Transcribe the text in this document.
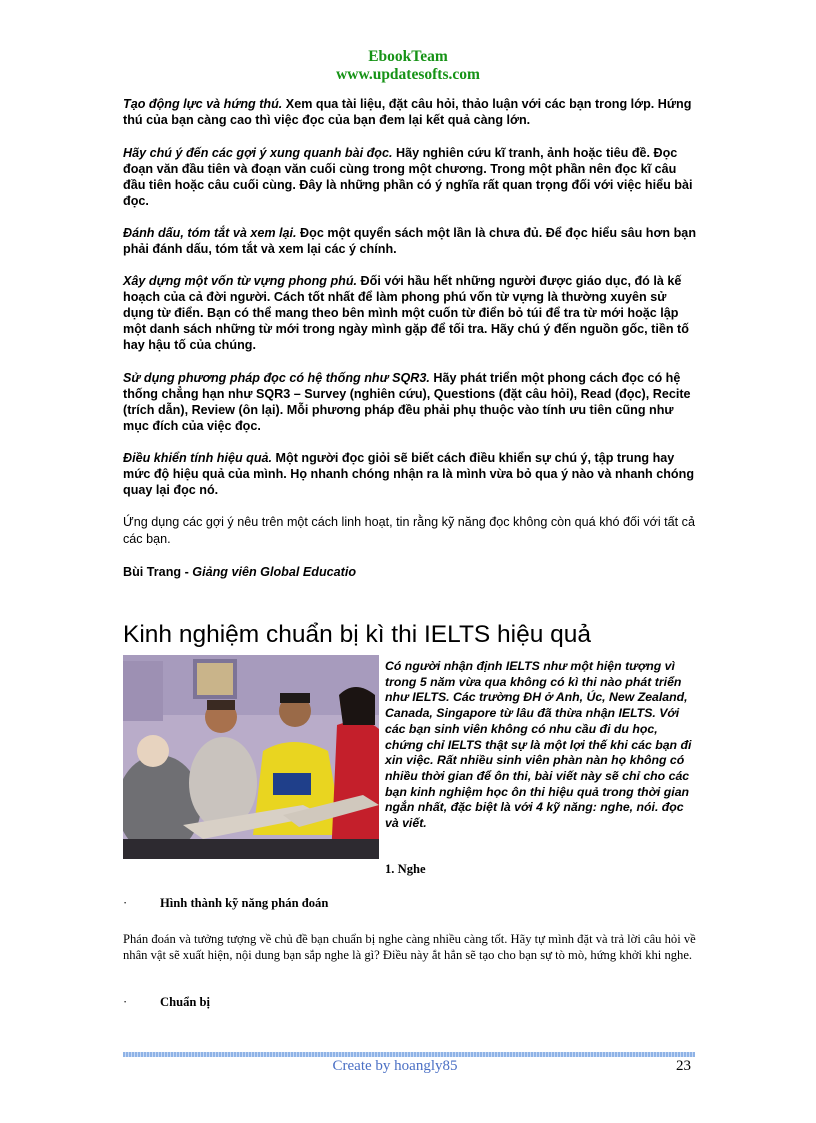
EbookTeam
www.updatesofts.com

Tạo động lực và hứng thú. Xem qua tài liệu, đặt câu hỏi, thảo luận với các bạn trong lớp. Hứng thú của bạn càng cao thì việc đọc của bạn đem lại kết quả càng lớn.

Hãy chú ý đến các gợi ý xung quanh bài đọc. Hãy nghiên cứu kĩ tranh, ảnh hoặc tiêu đề. Đọc đoạn văn đầu tiên và đoạn văn cuối cùng trong một chương. Trong một phần nên đọc kĩ câu đầu tiên hoặc câu cuối cùng. Đây là những phần có ý nghĩa rất quan trọng đối với việc hiểu bài đọc.

Đánh dấu, tóm tắt và xem lại. Đọc một quyển sách một lần là chưa đủ. Để đọc hiểu sâu hơn bạn phải đánh dấu, tóm tắt và xem lại các ý chính.

Xây dựng một vốn từ vựng phong phú. Đối với hầu hết những người được giáo dục, đó là kế hoạch của cả đời người. Cách tốt nhất để làm phong phú vốn từ vựng là thường xuyên sử dụng từ điển. Bạn có thể mang theo bên mình một cuốn từ điển bỏ túi để tra từ mới hoặc lập một danh sách những từ mới trong ngày mình gặp để tối tra. Hãy chú ý đến nguồn gốc, tiền tố hay hậu tố của chúng.

Sử dụng phương pháp đọc có hệ thống như SQR3. Hãy phát triển một phong cách đọc có hệ thống chẳng hạn như SQR3 – Survey (nghiên cứu), Questions (đặt câu hỏi), Read (đọc), Recite (trích dẫn), Review (ôn lại). Mỗi phương pháp đều phải phụ thuộc vào tính ưu tiên cũng như mục đích của việc đọc.

Điều khiển tính hiệu quả. Một người đọc giỏi sẽ biết cách điều khiển sự chú ý, tập trung hay mức độ hiệu quả của mình. Họ nhanh chóng nhận ra là mình vừa bỏ qua ý nào và nhanh chóng quay lại đọc nó.

Ứng dụng các gợi ý nêu trên một cách linh hoạt, tin rằng kỹ năng đọc không còn quá khó đối với tất cả các bạn.

Bùi Trang - Giảng viên Global Educatio

Kinh nghiệm chuẩn bị kì thi IELTS hiệu quả

Có người nhận định IELTS như một hiện tượng vì trong 5 năm vừa qua không có kì thi nào phát triển như IELTS. Các trường ĐH ở Anh, Úc, New Zealand, Canada, Singapore từ lâu đã thừa nhận IELTS. Với các bạn sinh viên không có nhu cầu đi du học, chứng chỉ IELTS thật sự là một lợi thế khi các bạn đi xin việc. Rất nhiều sinh viên phàn nàn họ không có nhiều thời gian để ôn thi, bài viết này sẽ chỉ cho các bạn kinh nghiệm học ôn thi hiệu quả trong thời gian ngắn nhất, đặc biệt là với 4 kỹ năng: nghe, nói. đọc và viết.

1. Nghe
·	Hình thành kỹ năng phán đoán

Phán đoán và tưởng tượng về chủ đề bạn chuẩn bị nghe càng nhiều càng tốt. Hãy tự mình đặt và trả lời câu hỏi về nhân vật sẽ xuất hiện, nội dung bạn sắp nghe là gì? Điều này ắt hẳn sẽ tạo cho bạn sự tò mò, hứng khởi khi nghe.

·	Chuẩn bị
Create by hoangly85	23
